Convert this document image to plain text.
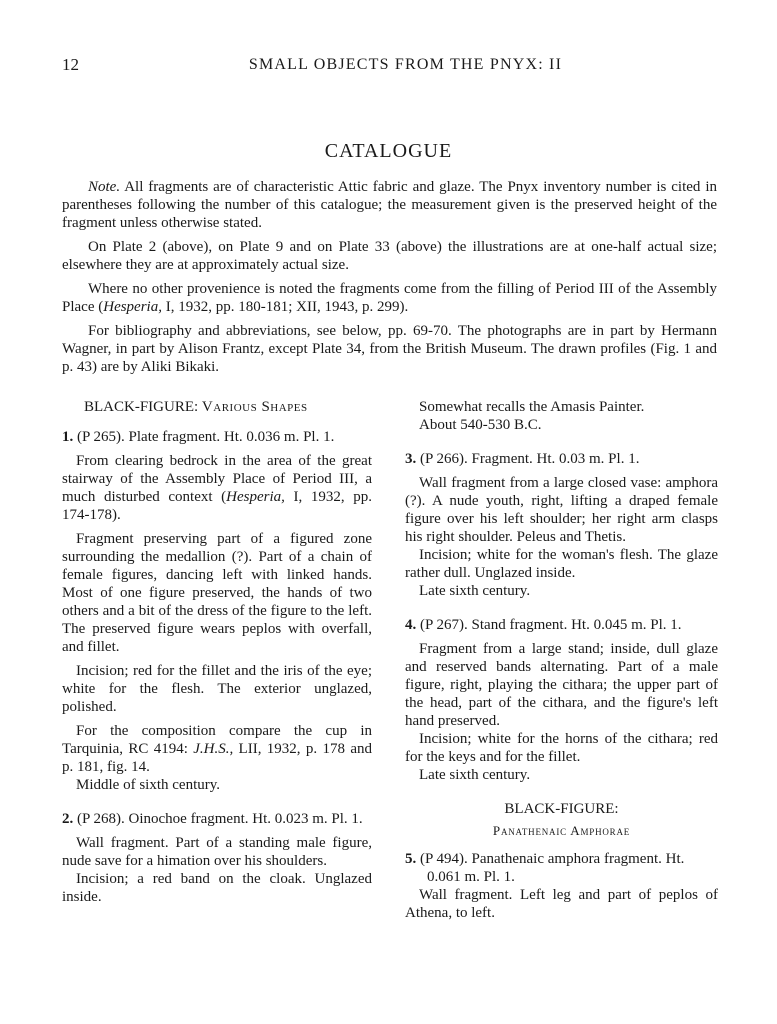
12	SMALL OBJECTS FROM THE PNYX: II
CATALOGUE

Note. All fragments are of characteristic Attic fabric and glaze. The Pnyx inventory number is cited in parentheses following the number of this catalogue; the measurement given is the preserved height of the fragment unless otherwise stated.

On Plate 2 (above), on Plate 9 and on Plate 33 (above) the illustrations are at one-half actual size; elsewhere they are at approximately actual size.

Where no other provenience is noted the fragments come from the filling of Period III of the Assembly Place (Hesperia, I, 1932, pp. 180-181; XII, 1943, p. 299).

For bibliography and abbreviations, see below, pp. 69-70. The photographs are in part by Hermann Wagner, in part by Alison Frantz, except Plate 34, from the British Museum. The drawn profiles (Fig. 1 and p. 43) are by Aliki Bikaki.

BLACK-FIGURE: Various Shapes

1. (P 265). Plate fragment. Ht. 0.036 m. Pl. 1.

From clearing bedrock in the area of the great stairway of the Assembly Place of Period III, a much disturbed context (Hesperia, I, 1932, pp. 174-178).

Fragment preserving part of a figured zone surrounding the medallion (?). Part of a chain of female figures, dancing left with linked hands. Most of one figure preserved, the hands of two others and a bit of the dress of the figure to the left. The preserved figure wears peplos with overfall, and fillet.

Incision; red for the fillet and the iris of the eye; white for the flesh. The exterior unglazed, polished.

For the composition compare the cup in Tarquinia, RC 4194: J.H.S., LII, 1932, p. 178 and p. 181, fig. 14.

Middle of sixth century.

2. (P 268). Oinochoe fragment. Ht. 0.023 m. Pl. 1.

Wall fragment. Part of a standing male figure, nude save for a himation over his shoulders.

Incision; a red band on the cloak. Unglazed inside.

Somewhat recalls the Amasis Painter.

About 540-530 B.C.

3. (P 266). Fragment. Ht. 0.03 m. Pl. 1.

Wall fragment from a large closed vase: amphora (?). A nude youth, right, lifting a draped female figure over his left shoulder; her right arm clasps his right shoulder. Peleus and Thetis.

Incision; white for the woman's flesh. The glaze rather dull. Unglazed inside.

Late sixth century.

4. (P 267). Stand fragment. Ht. 0.045 m. Pl. 1.

Fragment from a large stand; inside, dull glaze and reserved bands alternating. Part of a male figure, right, playing the cithara; the upper part of the head, part of the cithara, and the figure's left hand preserved.

Incision; white for the horns of the cithara; red for the keys and for the fillet.

Late sixth century.

BLACK-FIGURE:
Panathenaic Amphorae

5. (P 494). Panathenaic amphora fragment. Ht. 0.061 m. Pl. 1.

Wall fragment. Left leg and part of peplos of Athena, to left.
